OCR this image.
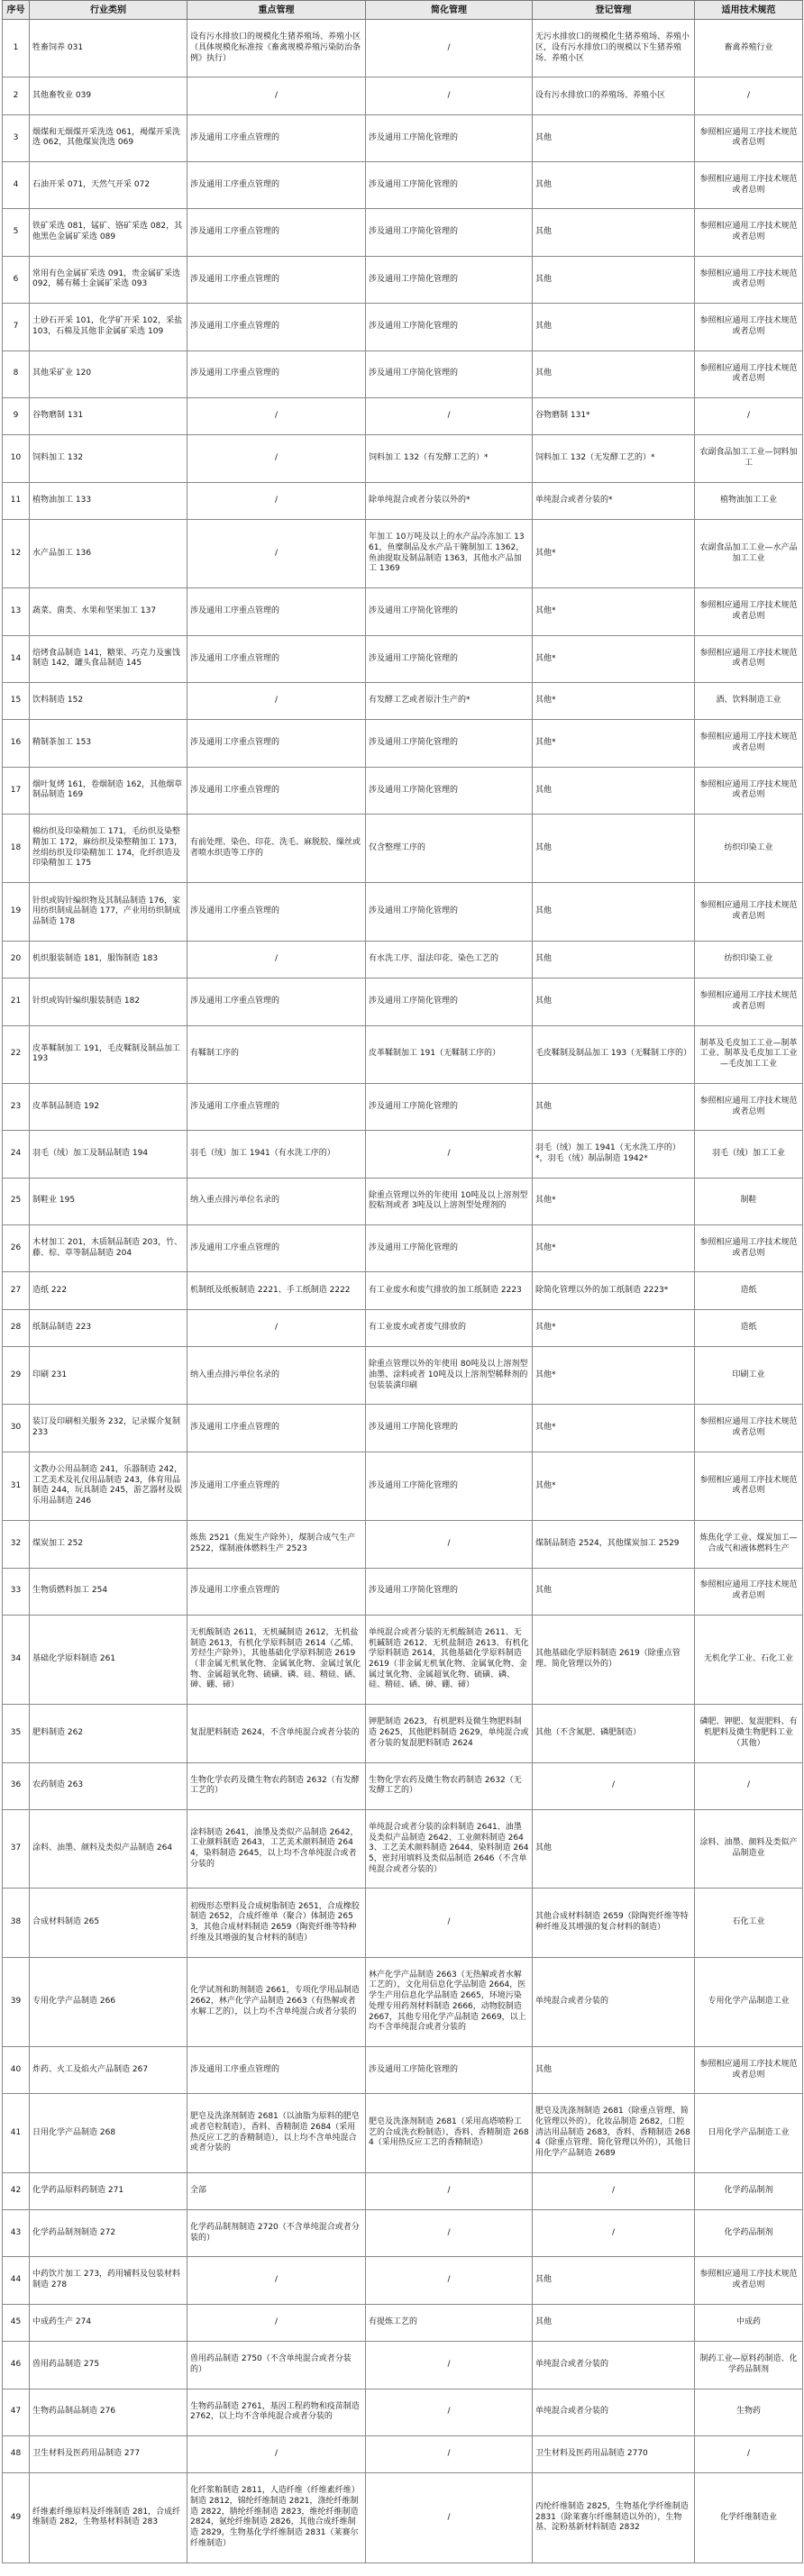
序号	行业类别	重点管理	简化管理	登记管理	适用技术规范
1	牲畜饲养 031	设有污水排放口的规模化生猪养殖场、养殖小区（具体规模化标准按《畜禽规模养殖污染防治条例》执行）	/	无污水排放口的规模化生猪养殖场、养殖小区，设有污水排放口的规模以下生猪养殖场、养殖小区	畜禽养殖行业
2	其他畜牧业 039	/	/	设有污水排放口的养殖场、养殖小区	/
3	烟煤和无烟煤开采洗选 061，褐煤开采洗选 062，其他煤炭洗选 069	涉及通用工序重点管理的	涉及通用工序简化管理的	其他	参照相应通用工序技术规范或者总则
4	石油开采 071，天然气开采 072	涉及通用工序重点管理的	涉及通用工序简化管理的	其他	参照相应通用工序技术规范或者总则
5	铁矿采选 081，锰矿、铬矿采选 082，其他黑色金属矿采选 089	涉及通用工序重点管理的	涉及通用工序简化管理的	其他	参照相应通用工序技术规范或者总则
6	常用有色金属矿采选 091，贵金属矿采选 092，稀有稀土金属矿采选 093	涉及通用工序重点管理的	涉及通用工序简化管理的	其他	参照相应通用工序技术规范或者总则
7	土砂石开采 101，化学矿开采 102，采盐 103，石棉及其他非金属矿采选 109	涉及通用工序重点管理的	涉及通用工序简化管理的	其他	参照相应通用工序技术规范或者总则
8	其他采矿业 120	涉及通用工序重点管理的	涉及通用工序简化管理的	其他	参照相应通用工序技术规范或者总则
9	谷物磨制 131	/	/	谷物磨制 131*	/
10	饲料加工 132	/	饲料加工 132（有发酵工艺的）*	饲料加工 132（无发酵工艺的）*	农副食品加工工业—饲料加工
11	植物油加工 133	/	除单纯混合或者分装以外的*	单纯混合或者分装的*	植物油加工工业
12	水产品加工 136	/	年加工 10万吨及以上的水产品冷冻加工 1361，鱼糜制品及水产品干腌制加工 1362，鱼油提取及制品制造 1363，其他水产品加工 1369	其他*	农副食品加工工业—水产品加工工业
13	蔬菜、菌类、水果和坚果加工 137	涉及通用工序重点管理的	涉及通用工序简化管理的	其他*	参照相应通用工序技术规范或者总则
14	焙烤食品制造 141，糖果、巧克力及蜜饯制造 142，罐头食品制造 145	涉及通用工序重点管理的	涉及通用工序简化管理的	其他*	参照相应通用工序技术规范或者总则
15	饮料制造 152	/	有发酵工艺或者原汁生产的*	其他*	酒、饮料制造工业
16	精制茶加工 153	涉及通用工序重点管理的	涉及通用工序简化管理的	其他*	参照相应通用工序技术规范或者总则
17	烟叶复烤 161，卷烟制造 162，其他烟草制品制造 169	涉及通用工序重点管理的	涉及通用工序简化管理的	其他	参照相应通用工序技术规范或者总则
18	棉纺织及印染精加工 171，毛纺织及染整精加工 172，麻纺织及染整精加工 173，丝绢纺织及印染精加工 174，化纤织造及印染精加工 175	有前处理、染色、印花、洗毛、麻脱胶、缫丝或者喷水织造等工序的	仅含整理工序的	其他	纺织印染工业
19	针织或钩针编织物及其制品制造 176，家用纺织制成品制造 177，产业用纺织制成品制造 178	涉及通用工序重点管理的	涉及通用工序简化管理的	其他	参照相应通用工序技术规范或者总则
20	机织服装制造 181，服饰制造 183	/	有水洗工序、湿法印花、染色工艺的	其他	纺织印染工业
21	针织或钩针编织服装制造 182	涉及通用工序重点管理的	涉及通用工序简化管理的	其他	参照相应通用工序技术规范或者总则
22	皮革鞣制加工 191，毛皮鞣制及制品加工 193	有鞣制工序的	皮革鞣制加工 191（无鞣制工序的）	毛皮鞣制及制品加工 193（无鞣制工序的）	制革及毛皮加工工业—制革工业、制革及毛皮加工工业—毛皮加工工业
23	皮革制品制造 192	涉及通用工序重点管理的	涉及通用工序简化管理的	其他	参照相应通用工序技术规范或者总则
24	羽毛（绒）加工及制品制造 194	羽毛（绒）加工 1941（有水洗工序的）	/	羽毛（绒）加工 1941（无水洗工序的）*，羽毛（绒）制品制造 1942*	羽毛（绒）加工工业
25	制鞋业 195	纳入重点排污单位名录的	除重点管理以外的年使用 10吨及以上溶剂型胶粘剂或者 3吨及以上溶剂型处理剂的	其他*	制鞋
26	木材加工 201，木质制品制造 203，竹、藤、棕、草等制品制造 204	涉及通用工序重点管理的	涉及通用工序简化管理的	其他*	参照相应通用工序技术规范或者总则
27	造纸 222	机制纸及纸板制造 2221、手工纸制造 2222	有工业废水和废气排放的加工纸制造 2223	除简化管理以外的加工纸制造 2223*	造纸
28	纸制品制造 223	/	有工业废水或者废气排放的	其他*	造纸
29	印刷 231	纳入重点排污单位名录的	除重点管理以外的年使用 80吨及以上溶剂型油墨、涂料或者 10吨及以上溶剂型稀释剂的包装装潢印刷	其他*	印刷工业
30	装订及印刷相关服务 232，记录媒介复制 233	涉及通用工序重点管理的	涉及通用工序简化管理的	其他*	参照相应通用工序技术规范或者总则
31	文教办公用品制造 241，乐器制造 242，工艺美术及礼仪用品制造 243，体育用品制造 244，玩具制造 245，游艺器材及娱乐用品制造 246	涉及通用工序重点管理的	涉及通用工序简化管理的	其他*	参照相应通用工序技术规范或者总则
32	煤炭加工 252	炼焦 2521（焦炭生产除外），煤制合成气生产 2522，煤制液体燃料生产 2523	/	煤制品制造 2524，其他煤炭加工 2529	炼焦化学工业、煤炭加工—合成气和液体燃料生产
33	生物质燃料加工 254	涉及通用工序重点管理的	涉及通用工序简化管理的	其他	参照相应通用工序技术规范或者总则
34	基础化学原料制造 261	无机酸制造 2611，无机碱制造 2612，无机盐制造 2613，有机化学原料制造 2614（乙烯、芳烃生产除外），其他基础化学原料制造 2619（非金属无机氧化物、金属氧化物、金属过氧化物、金属超氧化物、硫磺、磷、硅、精硅、硒、砷、硼、碲）	单纯混合或者分装的无机酸制造 2611、无机碱制造 2612、无机盐制造 2613、有机化学原料制造 2614，其他基础化学原料制造 2619（非金属无机氧化物、金属氧化物、金属过氧化物、金属超氧化物、硫磺、磷、硅、精硅、硒、砷、硼、碲）	其他基础化学原料制造 2619（除重点管理、简化管理以外的）	无机化学工业、石化工业
35	肥料制造 262	复混肥料制造 2624，不含单纯混合或者分装的	钾肥制造 2623，有机肥料及微生物肥料制造 2625，其他肥料制造 2629，单纯混合或者分装的复混肥料制造 2624	其他（不含氮肥、磷肥制造）	磷肥、钾肥、复混肥料、有机肥料及微生物肥料工业（其他）
36	农药制造 263	生物化学农药及微生物农药制造 2632（有发酵工艺的）	生物化学农药及微生物农药制造 2632（无发酵工艺的）	/	/
37	涂料、油墨、颜料及类似产品制造 264	涂料制造 2641，油墨及类似产品制造 2642，工业颜料制造 2643，工艺美术颜料制造 2644，染料制造 2645，以上均不含单纯混合或者分装的	单纯混合或者分装的涂料制造 2641、油墨及类似产品制造 2642、工业颜料制造 2643、工艺美术颜料制造 2644、染料制造 2645，密封用填料及类似品制造 2646（不含单纯混合或者分装的）	其他	涂料、油墨、颜料及类似产品制造业
38	合成材料制造 265	初级形态塑料及合成树脂制造 2651，合成橡胶制造 2652，合成纤维单（聚合）体制造 2653，其他合成材料制造 2659（陶瓷纤维等特种纤维及其增强的复合材料的制造）	/	其他合成材料制造 2659（除陶瓷纤维等特种纤维及其增强的复合材料的制造）	石化工业
39	专用化学产品制造 266	化学试剂和助剂制造 2661，专项化学用品制造 2662，林产化学产品制造 2663（有热解或者水解工艺的），以上均不含单纯混合或者分装的	林产化学产品制造 2663（无热解或者水解工艺的），文化用信息化学品制造 2664，医学生产用信息化学品制造 2665，环境污染处理专用药剂材料制造 2666，动物胶制造 2667，其他专用化学产品制造 2669，以上均不含单纯混合或者分装的	单纯混合或者分装的	专用化学产品制造工业
40	炸药、火工及焰火产品制造 267	涉及通用工序重点管理的	涉及通用工序简化管理的	其他	参照相应通用工序技术规范或者总则
41	日用化学产品制造 268	肥皂及洗涤剂制造 2681（以油脂为原料的肥皂或者皂粒制造），香料、香精制造 2684（采用热反应工艺的香精制造），以上均不含单纯混合或者分装的	肥皂及洗涤剂制造 2681（采用高塔喷粉工艺的合成洗衣粉制造），香料、香精制造 2684（采用热反应工艺的香精制造）	肥皂及洗涤剂制造 2681（除重点管理、简化管理以外的），化妆品制造 2682，口腔清洁用品制造 2683，香料、香精制造 2684（除重点管理、简化管理以外的），其他日用化学产品制造 2689	日用化学产品制造工业
42	化学药品原料药制造 271	全部	/	/	化学药品制剂
43	化学药品制剂制造 272	化学药品制剂制造 2720（不含单纯混合或者分装的）	/	/	化学药品制剂
44	中药饮片加工 273，药用辅料及包装材料制造 278	/	/	其他	参照相应通用工序技术规范或者总则
45	中成药生产 274	/	有提炼工艺的	其他	中成药
46	兽用药品制造 275	兽用药品制造 2750（不含单纯混合或者分装的）	/	单纯混合或者分装的	制药工业—原料药制造、化学药品制剂
47	生物药品制品制造 276	生物药品制造 2761，基因工程药物和疫苗制造 2762，以上均不含单纯混合或者分装的	/	单纯混合或者分装的	生物药
48	卫生材料及医药用品制造 277	/	/	卫生材料及医药用品制造 2770	/
49	纤维素纤维原料及纤维制造 281，合成纤维制造 282，生物基材料制造 283	化纤浆粕制造 2811，人造纤维（纤维素纤维）制造 2812，锦纶纤维制造 2821，涤纶纤维制造 2822，腈纶纤维制造 2823，维纶纤维制造 2824，氨纶纤维制造 2826，其他合成纤维制造 2829，生物基化学纤维制造 2831（莱赛尔纤维制造）	/	丙纶纤维制造 2825，生物基化学纤维制造 2831（除莱赛尔纤维制造以外的），生物基、淀粉基新材料制造 2832	化学纤维制造业
